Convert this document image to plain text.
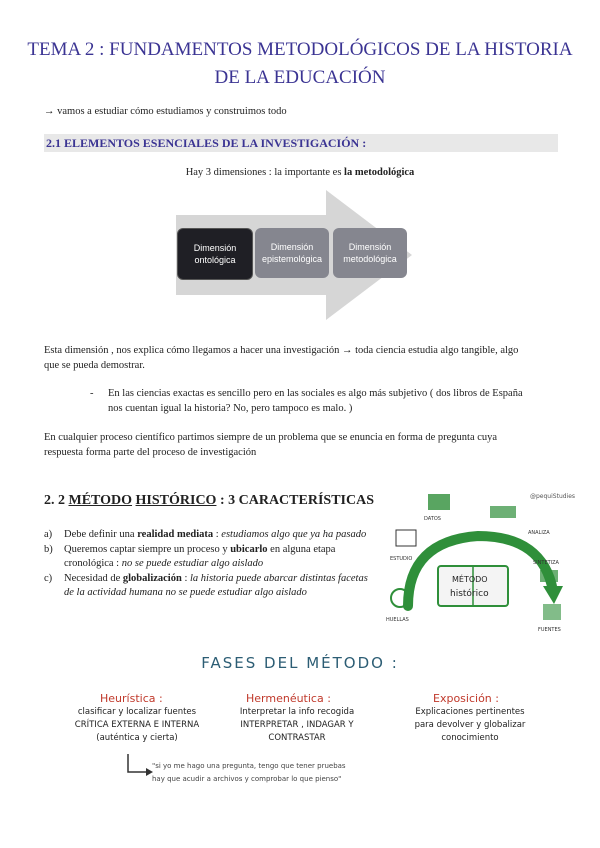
TEMA 2 : FUNDAMENTOS METODOLÓGICOS DE LA HISTORIA
DE LA EDUCACIÓN
→ vamos a estudiar cómo estudiamos y construimos todo
2.1 ELEMENTOS ESENCIALES DE LA INVESTIGACIÓN :
Hay 3 dimensiones : la importante es la metodológica
Dimensión
ontológica
Dimensión
epistemológica
Dimensión
metodológica
Esta dimensión , nos explica cómo llegamos a hacer una investigación → toda ciencia estudia algo tangible, algo
que se pueda demostrar.
- En las ciencias exactas es sencillo pero en las sociales es algo más subjetivo ( dos libros de España
nos cuentan igual la historia? No, pero tampoco es malo. )
En cualquier proceso científico partimos siempre de un problema que se enuncia en forma de pregunta cuya
respuesta forma parte del proceso de investigación
2. 2 MÉTODO HISTÓRICO : 3 CARACTERÍSTICAS
a) Debe definir una realidad mediata : estudiamos algo que ya ha pasado
b) Queremos captar siempre un proceso y ubicarlo en alguna etapa cronológica : no se puede estudiar algo aislado
c) Necesidad de globalización : la historia puede abarcar distintas facetas de la actividad humana no se puede estudiar algo aislado
@pequiStudies
MÉTODO
histórico
ANALIZA
SINTETIZA
ESTUDIO
DATOS
HUELLAS
FUENTES
FASES DEL MÉTODO :
Heurística :
clasificar y localizar fuentes
CRÍTICA EXTERNA E INTERNA
(auténtica y cierta)
Hermenéutica :
Interpretar la info recogida
INTERPRETAR , INDAGAR Y
CONTRASTAR
Exposición :
Explicaciones pertinentes
para devolver y globalizar
conocimiento
"si yo me hago una pregunta, tengo que tener pruebas
hay que acudir a archivos y comprobar lo que pienso"
